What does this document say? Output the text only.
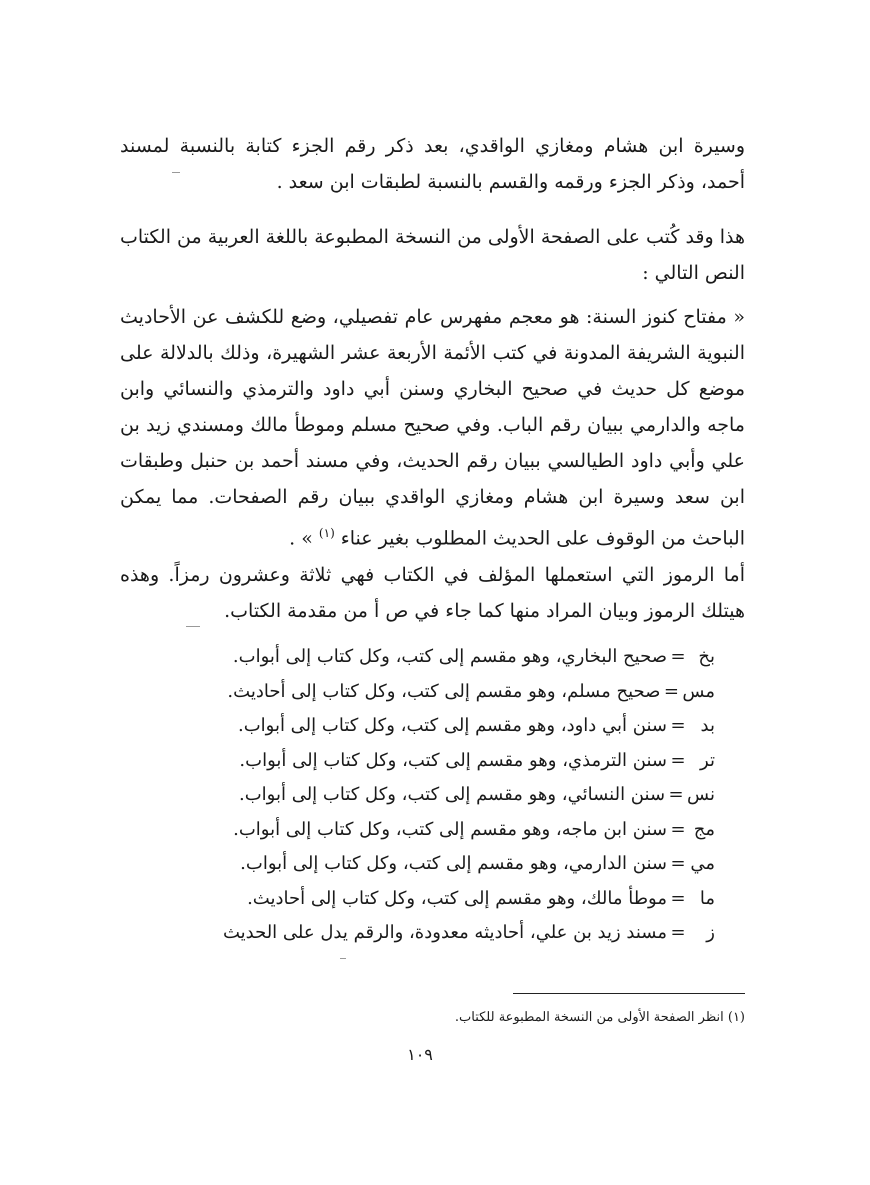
وسيرة ابن هشام ومغازي الواقدي، بعد ذكر رقم الجزء كتابة بالنسبة لمسند أحمد، وذكر الجزء ورقمه والقسم بالنسبة لطبقات ابن سعد .

هذا وقد كُتب على الصفحة الأولى من النسخة المطبوعة باللغة العربية من الكتاب النص التالي :

« مفتاح كنوز السنة: هو معجم مفهرس عام تفصيلي، وضع للكشف عن الأحاديث النبوية الشريفة المدونة في كتب الأئمة الأربعة عشر الشهيرة، وذلك بالدلالة على موضع كل حديث في صحيح البخاري وسنن أبي داود والترمذي والنسائي وابن ماجه والدارمي ببيان رقم الباب. وفي صحيح مسلم وموطأ مالك ومسندي زيد بن علي وأبي داود الطيالسي ببيان رقم الحديث، وفي مسند أحمد بن حنبل وطبقات ابن سعد وسيرة ابن هشام ومغازي الواقدي ببيان رقم الصفحات. مما يمكن الباحث من الوقوف على الحديث المطلوب بغير عناء $^{(١)}$ » .

أما الرموز التي استعملها المؤلف في الكتاب فهي ثلاثة وعشرون رمزاً. وهذه هيتلك الرموز وبيان المراد منها كما جاء في ص أ من مقدمة الكتاب.

بخ
=
صحيح البخاري، وهو مقسم إلى كتب، وكل كتاب إلى أبواب.
مس
=
صحيح مسلم، وهو مقسم إلى كتب، وكل كتاب إلى أحاديث.
بد
=
سنن أبي داود، وهو مقسم إلى كتب، وكل كتاب إلى أبواب.
تر
=
سنن الترمذي، وهو مقسم إلى كتب، وكل كتاب إلى أبواب.
نس
=
سنن النسائي، وهو مقسم إلى كتب، وكل كتاب إلى أبواب.
مج
=
سنن ابن ماجه، وهو مقسم إلى كتب، وكل كتاب إلى أبواب.
مي
=
سنن الدارمي، وهو مقسم إلى كتب، وكل كتاب إلى أبواب.
ما
=
موطأ مالك، وهو مقسم إلى كتب، وكل كتاب إلى أحاديث.
ز
=
مسند زيد بن علي، أحاديثه معدودة، والرقم يدل على الحديث

(١) انظر الصفحة الأولى من النسخة المطبوعة للكتاب.

١٠٩
